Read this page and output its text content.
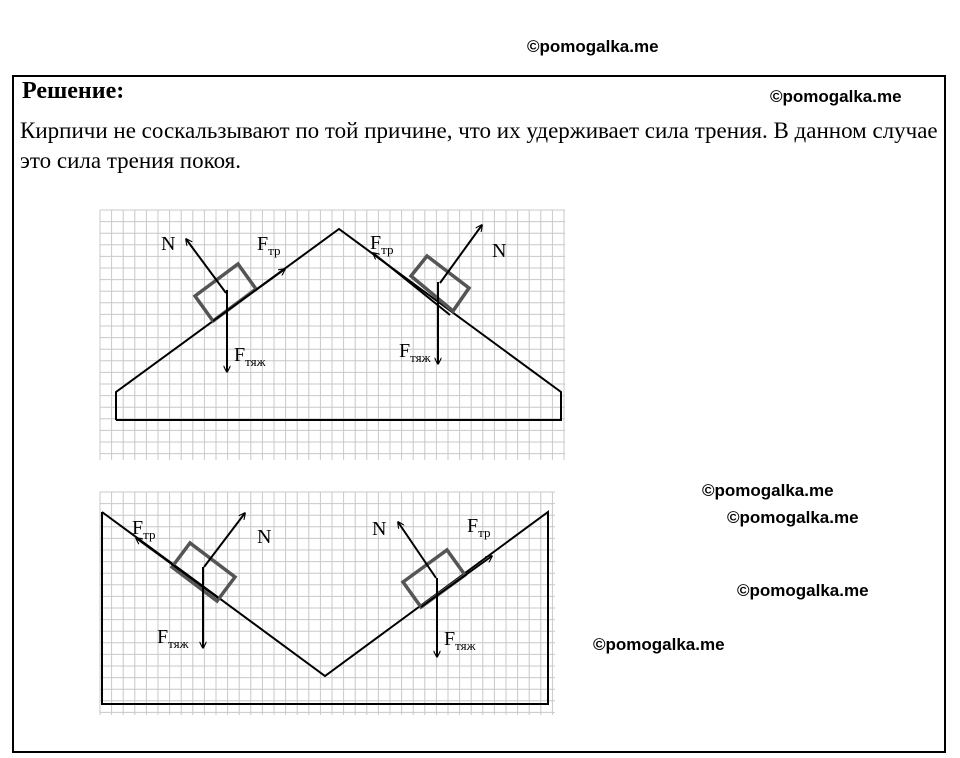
©pomogalka.me
©pomogalka.me
©pomogalka.me
©pomogalka.me
©pomogalka.me
©pomogalka.me
Решение:
Кирпичи не соскальзывают по той причине, что их удерживает сила трения. В данном случае это сила трения покоя.
N	$F_{тр}$
$F_{тяж}$
N
$F_{тр}$
$F_{тяж}$
N
$F_{тр}$
$F_{тяж}$
N	$F_{тр}$
$F_{тяж}$
